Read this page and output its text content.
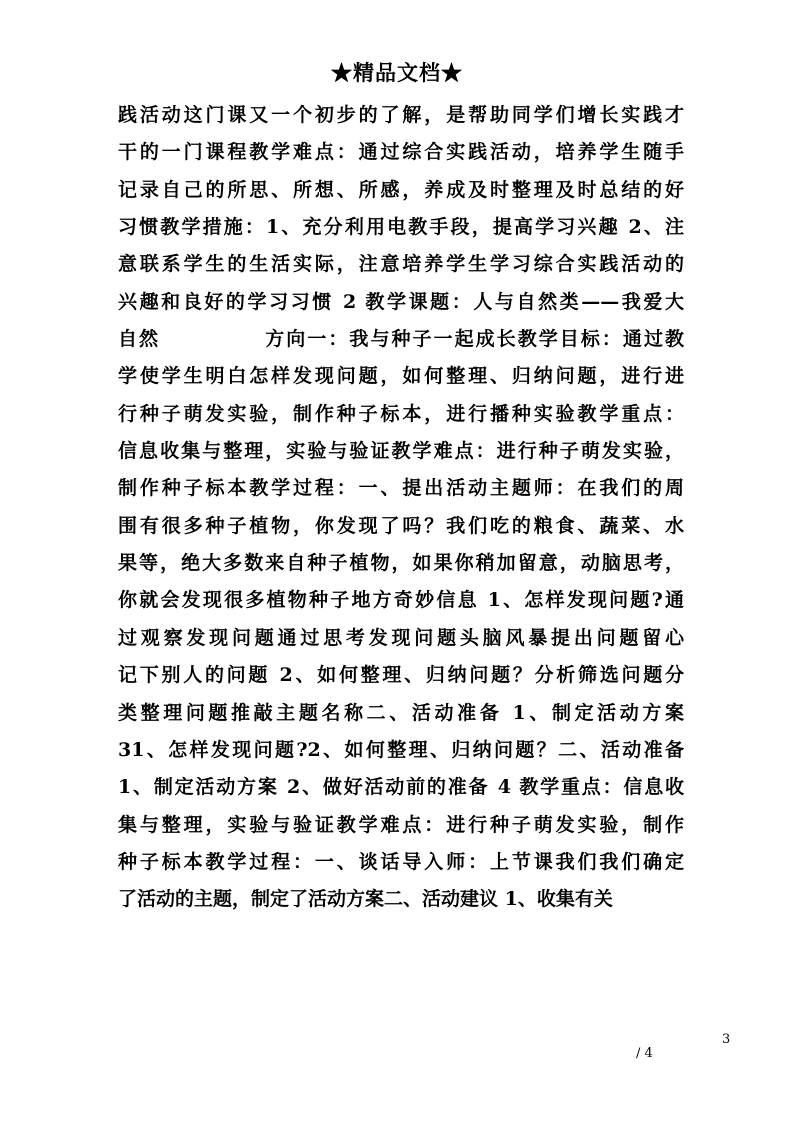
★精品文档★
践活动这门课又一个初步的了解，是帮助同学们增长实践才
干的一门课程教学难点：通过综合实践活动，培养学生随手
记录自己的所思、所想、所感，养成及时整理及时总结的好
习惯教学措施：1、充分利用电教手段，提高学习兴趣 2、注
意联系学生的生活实际，注意培养学生学习综合实践活动的
兴趣和良好的学习习惯 2 教学课题：人与自然类——我爱大
自然　　　　　方向一：我与种子一起成长教学目标：通过教
学使学生明白怎样发现问题，如何整理、归纳问题，进行进
行种子萌发实验，制作种子标本，进行播种实验教学重点：
信息收集与整理，实验与验证教学难点：进行种子萌发实验，
制作种子标本教学过程：一、提出活动主题师：在我们的周
围有很多种子植物，你发现了吗？我们吃的粮食、蔬菜、水
果等，绝大多数来自种子植物，如果你稍加留意，动脑思考，
你就会发现很多植物种子地方奇妙信息 1、怎样发现问题?通
过观察发现问题通过思考发现问题头脑风暴提出问题留心
记下别人的问题 2、如何整理、归纳问题？分析筛选问题分
类整理问题推敲主题名称二、活动准备 1、制定活动方案
31、怎样发现问题?2、如何整理、归纳问题？二、活动准备
1、制定活动方案 2、做好活动前的准备 4 教学重点：信息收
集与整理，实验与验证教学难点：进行种子萌发实验，制作
种子标本教学过程：一、谈话导入师：上节课我们我们确定
了活动的主题，制定了活动方案二、活动建议 1、收集有关
3
/ 4
